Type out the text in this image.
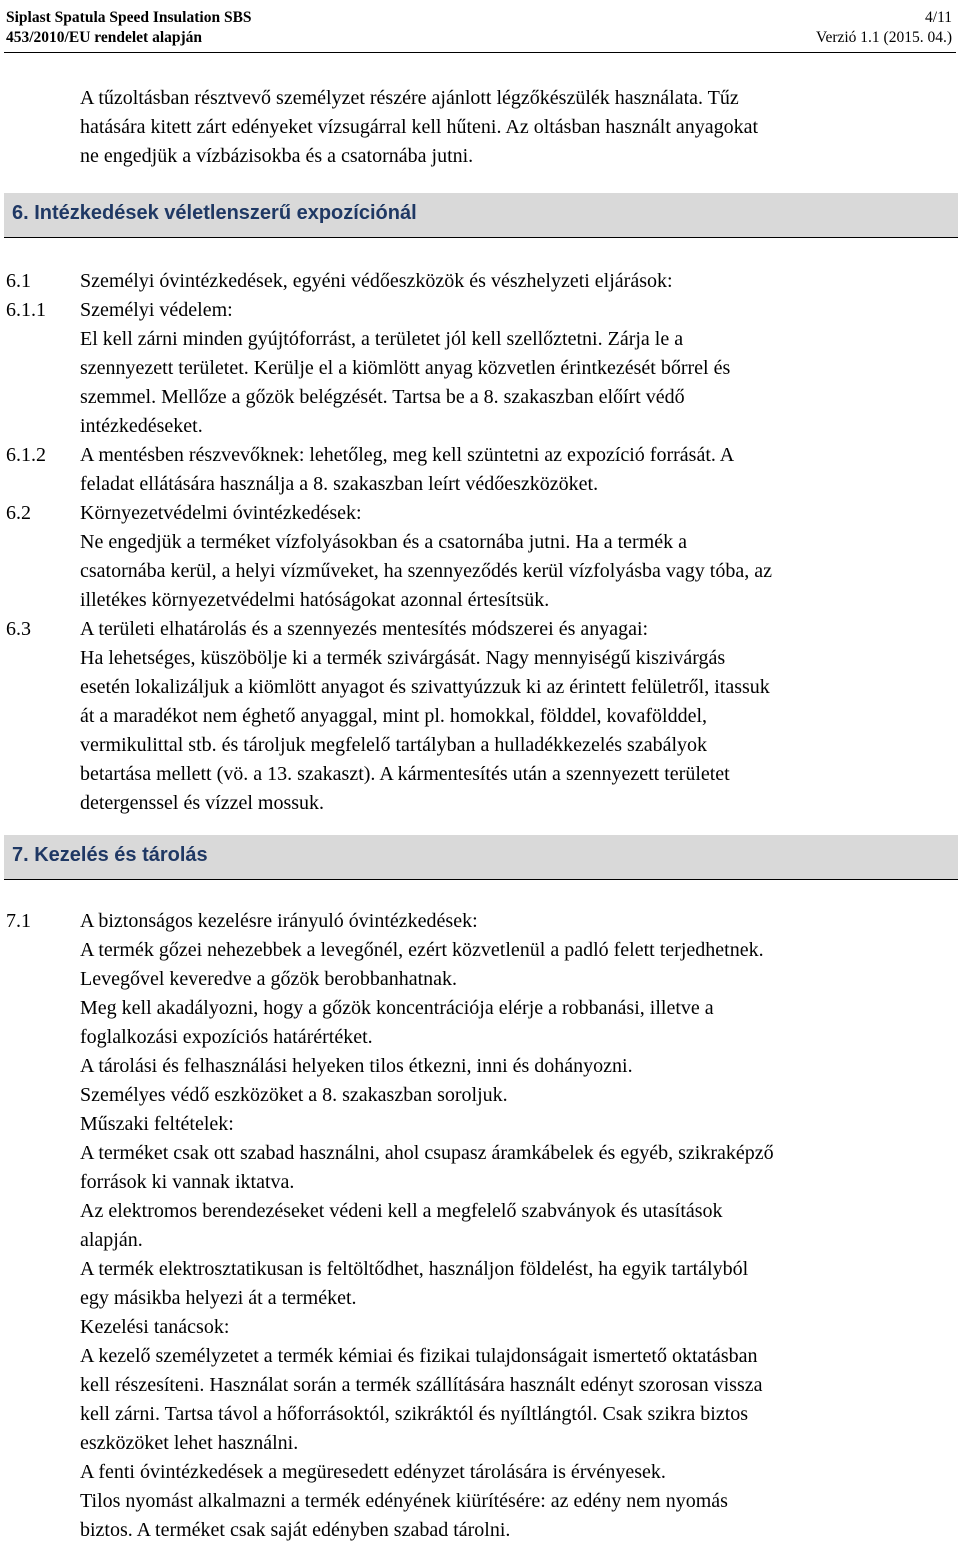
Siplast Spatula Speed Insulation SBS	4/11
453/2010/EU rendelet alapján	Verzió 1.1 (2015. 04.)
A tűzoltásban résztvevő személyzet részére ajánlott légzőkészülék használata. Tűz
hatására kitett zárt edényeket vízsugárral kell hűteni. Az oltásban használt anyagokat
ne engedjük a vízbázisokba és a csatornába jutni.
6. Intézkedések véletlenszerű expozíciónál
6.1 Személyi óvintézkedések, egyéni védőeszközök és vészhelyzeti eljárások:
6.1.1 Személyi védelem:
El kell zárni minden gyújtóforrást, a területet jól kell szellőztetni. Zárja le a
szennyezett területet. Kerülje el a kiömlött anyag közvetlen érintkezését bőrrel és
szemmel. Mellőze a gőzök belégzését. Tartsa be a 8. szakaszban előírt védő
intézkedéseket.
6.1.2 A mentésben részvevőknek: lehetőleg, meg kell szüntetni az expozíció forrását. A
feladat ellátására használja a 8. szakaszban leírt védőeszközöket.
6.2 Környezetvédelmi óvintézkedések:
Ne engedjük a terméket vízfolyásokban és a csatornába jutni. Ha a termék a
csatornába kerül, a helyi vízműveket, ha szennyeződés kerül vízfolyásba vagy tóba, az
illetékes környezetvédelmi hatóságokat azonnal értesítsük.
6.3 A területi elhatárolás és a szennyezés mentesítés módszerei és anyagai:
Ha lehetséges, küszöbölje ki a termék szivárgását. Nagy mennyiségű kiszivárgás
esetén lokalizáljuk a kiömlött anyagot és szivattyúzzuk ki az érintett felületről, itassuk
át a maradékot nem éghető anyaggal, mint pl. homokkal, földdel, kovafölddel,
vermikulittal stb. és tároljuk megfelelő tartályban a hulladékkezelés szabályok
betartása mellett (vö. a 13. szakaszt). A kármentesítés után a szennyezett területet
detergenssel és vízzel mossuk.
7. Kezelés és tárolás
7.1 A biztonságos kezelésre irányuló óvintézkedések:
A termék gőzei nehezebbek a levegőnél, ezért közvetlenül a padló felett terjedhetnek.
Levegővel keveredve a gőzök berobbanhatnak.
Meg kell akadályozni, hogy a gőzök koncentrációja elérje a robbanási, illetve a
foglalkozási expozíciós határértéket.
A tárolási és felhasználási helyeken tilos étkezni, inni és dohányozni.
Személyes védő eszközöket a 8. szakaszban soroljuk.
Műszaki feltételek:
A terméket csak ott szabad használni, ahol csupasz áramkábelek és egyéb, szikraképző
források ki vannak iktatva.
Az elektromos berendezéseket védeni kell a megfelelő szabványok és utasítások
alapján.
A termék elektrosztatikusan is feltöltődhet, használjon földelést, ha egyik tartályból
egy másikba helyezi át a terméket.
Kezelési tanácsok:
A kezelő személyzetet a termék kémiai és fizikai tulajdonságait ismertető oktatásban
kell részesíteni. Használat során a termék szállítására használt edényt szorosan vissza
kell zárni. Tartsa távol a hőforrásoktól, szikráktól és nyíltlángtól. Csak szikra biztos
eszközöket lehet használni.
A fenti óvintézkedések a megüresedett edényzet tárolására is érvényesek.
Tilos nyomást alkalmazni a termék edényének kiürítésére: az edény nem nyomás
biztos. A terméket csak saját edényben szabad tárolni.
